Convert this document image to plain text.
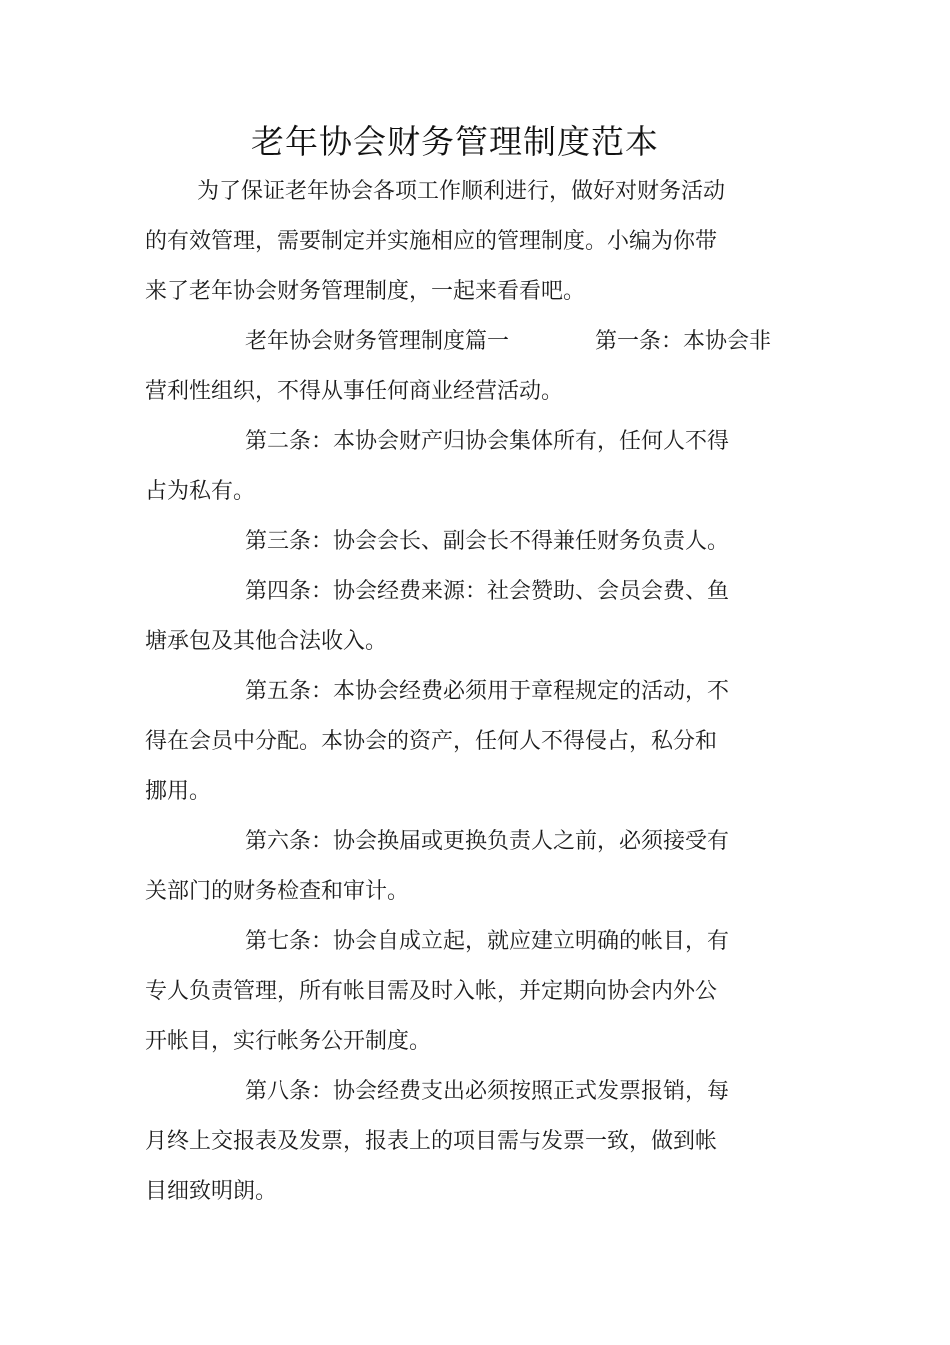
老年协会财务管理制度范本
为了保证老年协会各项工作顺利进行，做好对财务活动
的有效管理，需要制定并实施相应的管理制度。小编为你带
来了老年协会财务管理制度，一起来看看吧。
老年协会财务管理制度篇一	第一条：本协会非
营利性组织，不得从事任何商业经营活动。
第二条：本协会财产归协会集体所有，任何人不得
占为私有。
第三条：协会会长、副会长不得兼任财务负责人。
第四条：协会经费来源：社会赞助、会员会费、鱼
塘承包及其他合法收入。
第五条：本协会经费必须用于章程规定的活动，不
得在会员中分配。本协会的资产，任何人不得侵占，私分和
挪用。
第六条：协会换届或更换负责人之前，必须接受有
关部门的财务检查和审计。
第七条：协会自成立起，就应建立明确的帐目，有
专人负责管理，所有帐目需及时入帐，并定期向协会内外公
开帐目，实行帐务公开制度。
第八条：协会经费支出必须按照正式发票报销，每
月终上交报表及发票，报表上的项目需与发票一致，做到帐
目细致明朗。
